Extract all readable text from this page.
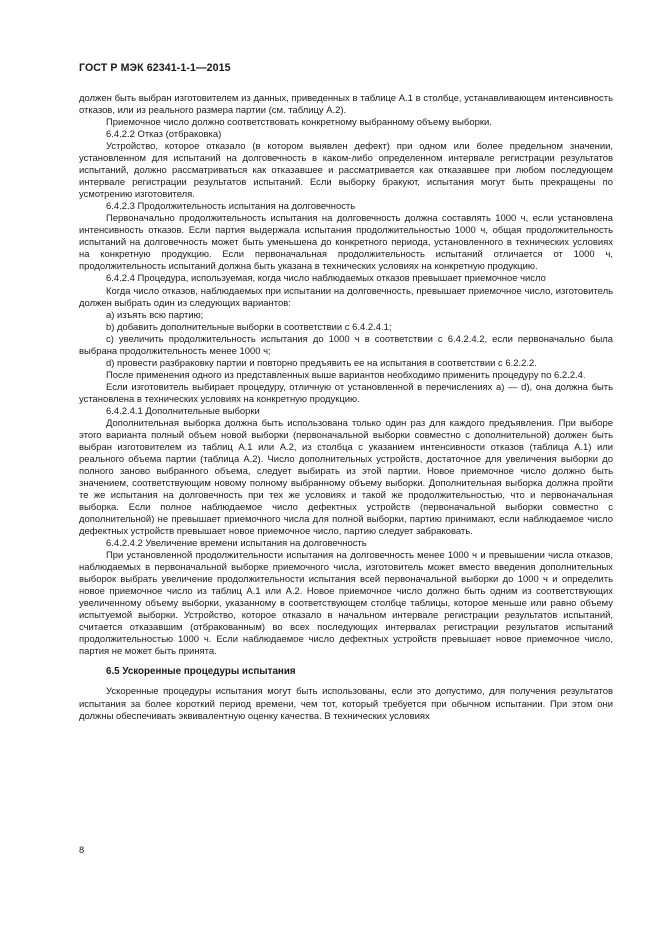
ГОСТ Р МЭК 62341-1-1—2015

должен быть выбран изготовителем из данных, приведенных в таблице А.1 в столбце, устанавливающем интенсивность отказов, или из реального размера партии (см. таблицу А.2).

Приемочное число должно соответствовать конкретному выбранному объему выборки.

6.4.2.2 Отказ (отбраковка)

Устройство, которое отказало (в котором выявлен дефект) при одном или более предельном значении, установленном для испытаний на долговечность в каком-либо определенном интервале регистрации результатов испытаний, должно рассматриваться как отказавшее и рассматривается как отказавшее при любом последующем интервале регистрации результатов испытаний. Если выборку бракуют, испытания могут быть прекращены по усмотрению изготовителя.

6.4.2.3 Продолжительность испытания на долговечность

Первоначально продолжительность испытания на долговечность должна составлять 1000 ч, если установлена интенсивность отказов. Если партия выдержала испытания продолжительностью 1000 ч, общая продолжительность испытаний на долговечность может быть уменьшена до конкретного периода, установленного в технических условиях на конкретную продукцию. Если первоначальная продолжительность испытаний отличается от 1000 ч, продолжительность испытаний должна быть указана в технических условиях на конкретную продукцию.

6.4.2.4 Процедура, используемая, когда число наблюдаемых отказов превышает приемочное число

Когда число отказов, наблюдаемых при испытании на долговечность, превышает приемочное число, изготовитель должен выбрать один из следующих вариантов:

а) изъять всю партию;

b) добавить дополнительные выборки в соответствии с 6.4.2.4.1;

с) увеличить продолжительность испытания до 1000 ч в соответствии с 6.4.2.4.2, если первоначально была выбрана продолжительность менее 1000 ч;

d) провести разбраковку партии и повторно предъявить ее на испытания в соответствии с 6.2.2.2.

После применения одного из представленных выше вариантов необходимо применить процедуру по 6.2.2.4.

Если изготовитель выбирает процедуру, отличную от установленной в перечислениях а) — d), она должна быть установлена в технических условиях на конкретную продукцию.

6.4.2.4.1 Дополнительные выборки

Дополнительная выборка должна быть использована только один раз для каждого предъявления. При выборе этого варианта полный объем новой выборки (первоначальной выборки совместно с дополнительной) должен быть выбран изготовителем из таблиц А.1 или А.2, из столбца с указанием интенсивности отказов (таблица А.1) или реального объема партии (таблица А.2). Число дополнительных устройств, достаточное для увеличения выборки до полного заново выбранного объема, следует выбирать из этой партии. Новое приемочное число должно быть значением, соответствующим новому полному выбранному объему выборки. Дополнительная выборка должна пройти те же испытания на долговечность при тех же условиях и такой же продолжительностью, что и первоначальная выборка. Если полное наблюдаемое число дефектных устройств (первоначальной выборки совместно с дополнительной) не превышает приемочного числа для полной выборки, партию принимают, если наблюдаемое число дефектных устройств превышает новое приемочное число, партию следует забраковать.

6.4.2.4.2 Увеличение времени испытания на долговечность

При установленной продолжительности испытания на долговечность менее 1000 ч и превышении числа отказов, наблюдаемых в первоначальной выборке приемочного числа, изготовитель может вместо введения дополнительных выборок выбрать увеличение продолжительности испытания всей первоначальной выборки до 1000 ч и определить новое приемочное число из таблиц А.1 или А.2. Новое приемочное число должно быть одним из соответствующих увеличенному объему выборки, указанному в соответствующем столбце таблицы, которое меньше или равно объему испытуемой выборки. Устройство, которое отказало в начальном интервале регистрации результатов испытаний, считается отказавшим (отбракованным) во всех последующих интервалах регистрации результатов испытаний продолжительностью 1000 ч. Если наблюдаемое число дефектных устройств превышает новое приемочное число, партия не может быть принята.

6.5 Ускоренные процедуры испытания

Ускоренные процедуры испытания могут быть использованы, если это допустимо, для получения результатов испытания за более короткий период времени, чем тот, который требуется при обычном испытании. При этом они должны обеспечивать эквивалентную оценку качества. В технических условиях

8
